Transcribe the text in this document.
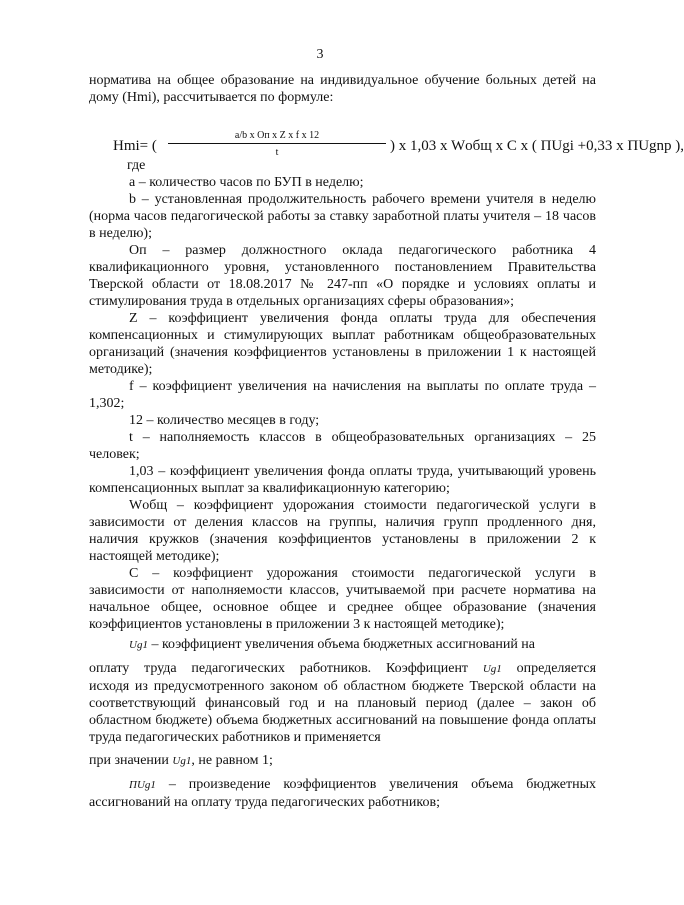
3

норматива на общее образование на индивидуальное обучение больных детей на дому (Нmi), рассчитывается по формуле:

Нmi= (
a/b x Оп x Z x f x 12
t	) x 1,03 x Wобщ x C x ( ПUgi +0,33 x ПUgnp ),
где

а – количество часов по БУП в неделю;

b – установленная продолжительность рабочего времени учителя в неделю (норма часов педагогической работы за ставку заработной платы учителя – 18 часов в неделю);

Оп – размер должностного оклада педагогического работника 4 квалификационного уровня, установленного постановлением Правительства Тверской области от 18.08.2017 № 247-пп «О порядке и условиях оплаты и стимулирования труда в отдельных организациях сферы образования»;

Z – коэффициент увеличения фонда оплаты труда для обеспечения компенсационных и стимулирующих выплат работникам общеобразовательных организаций (значения коэффициентов установлены в приложении 1 к настоящей методике);

f – коэффициент увеличения на начисления на выплаты по оплате труда – 1,302;

12 – количество месяцев в году;

t – наполняемость классов в общеобразовательных организациях – 25 человек;

1,03 – коэффициент увеличения фонда оплаты труда, учитывающий уровень компенсационных выплат за квалификационную категорию;

Wобщ – коэффициент удорожания стоимости педагогической услуги в зависимости от деления классов на группы, наличия групп продленного дня, наличия кружков (значения коэффициентов установлены в приложении 2 к настоящей методике);

С – коэффициент удорожания стоимости педагогической услуги в зависимости от наполняемости классов, учитываемой при расчете норматива на начальное общее, основное общее и среднее общее образование (значения коэффициентов установлены в приложении 3 к настоящей методике);

Ug1 – коэффициент увеличения объема бюджетных ассигнований на

оплату труда педагогических работников. Коэффициент Ug1 определяется

исходя из предусмотренного законом об областном бюджете Тверской области на соответствующий финансовый год и на плановый период (далее – закон об областном бюджете) объема бюджетных ассигнований на повышение фонда оплаты труда педагогических работников и применяется

при значении Ug1, не равном 1;

ПUg1 – произведение коэффициентов увеличения объема бюджетных ассигнований на оплату труда педагогических работников;
